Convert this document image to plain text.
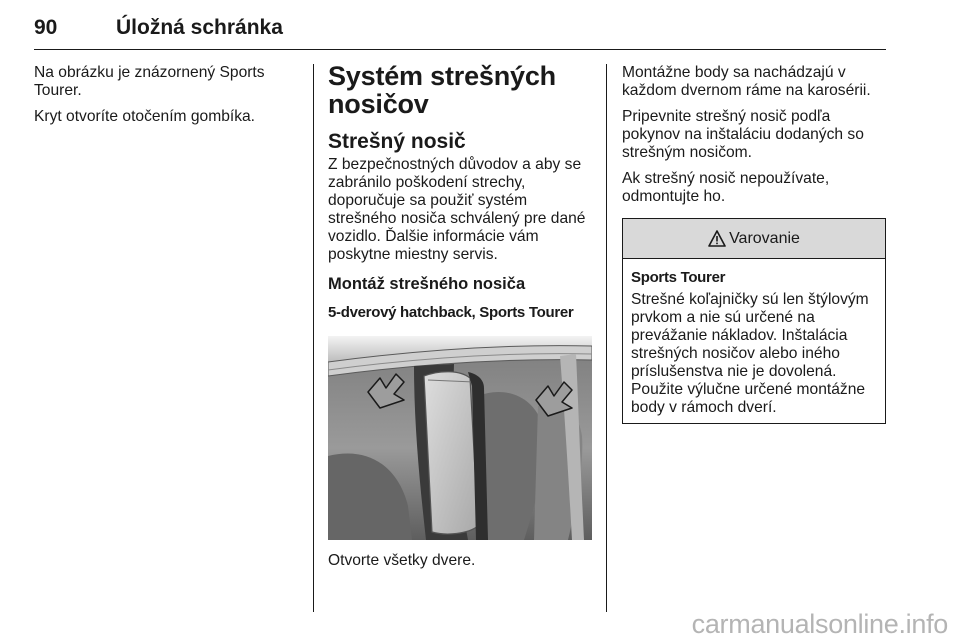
90	Úložná schránka

Na obrázku je znázornený Sports Tourer.

Kryt otvoríte otočením gombíka.

Systém strešných nosičov
Strešný nosič

Z bezpečnostných důvodov a aby se zabránilo poškodení strechy, doporučuje sa použiť systém strešného nosiča schválený pre dané vozidlo. Ďalšie informácie vám poskytne miestny servis.

Montáž strešného nosiča
5-dverový hatchback, Sports Tourer

Otvorte všetky dvere.

Montážne body sa nachádzajú v každom dvernom ráme na karosérii.

Pripevnite strešný nosič podľa pokynov na inštaláciu dodaných so strešným nosičom.

Ak strešný nosič nepoužívate, odmontujte ho.

Varovanie
Sports Tourer

Strešné koľajničky sú len štýlovým prvkom a nie sú určené na prevážanie nákladov. Inštalácia strešných nosičov alebo iného príslušenstva nie je dovolená. Použite výlučne určené montážne body v rámoch dverí.

carmanualsonline.info
